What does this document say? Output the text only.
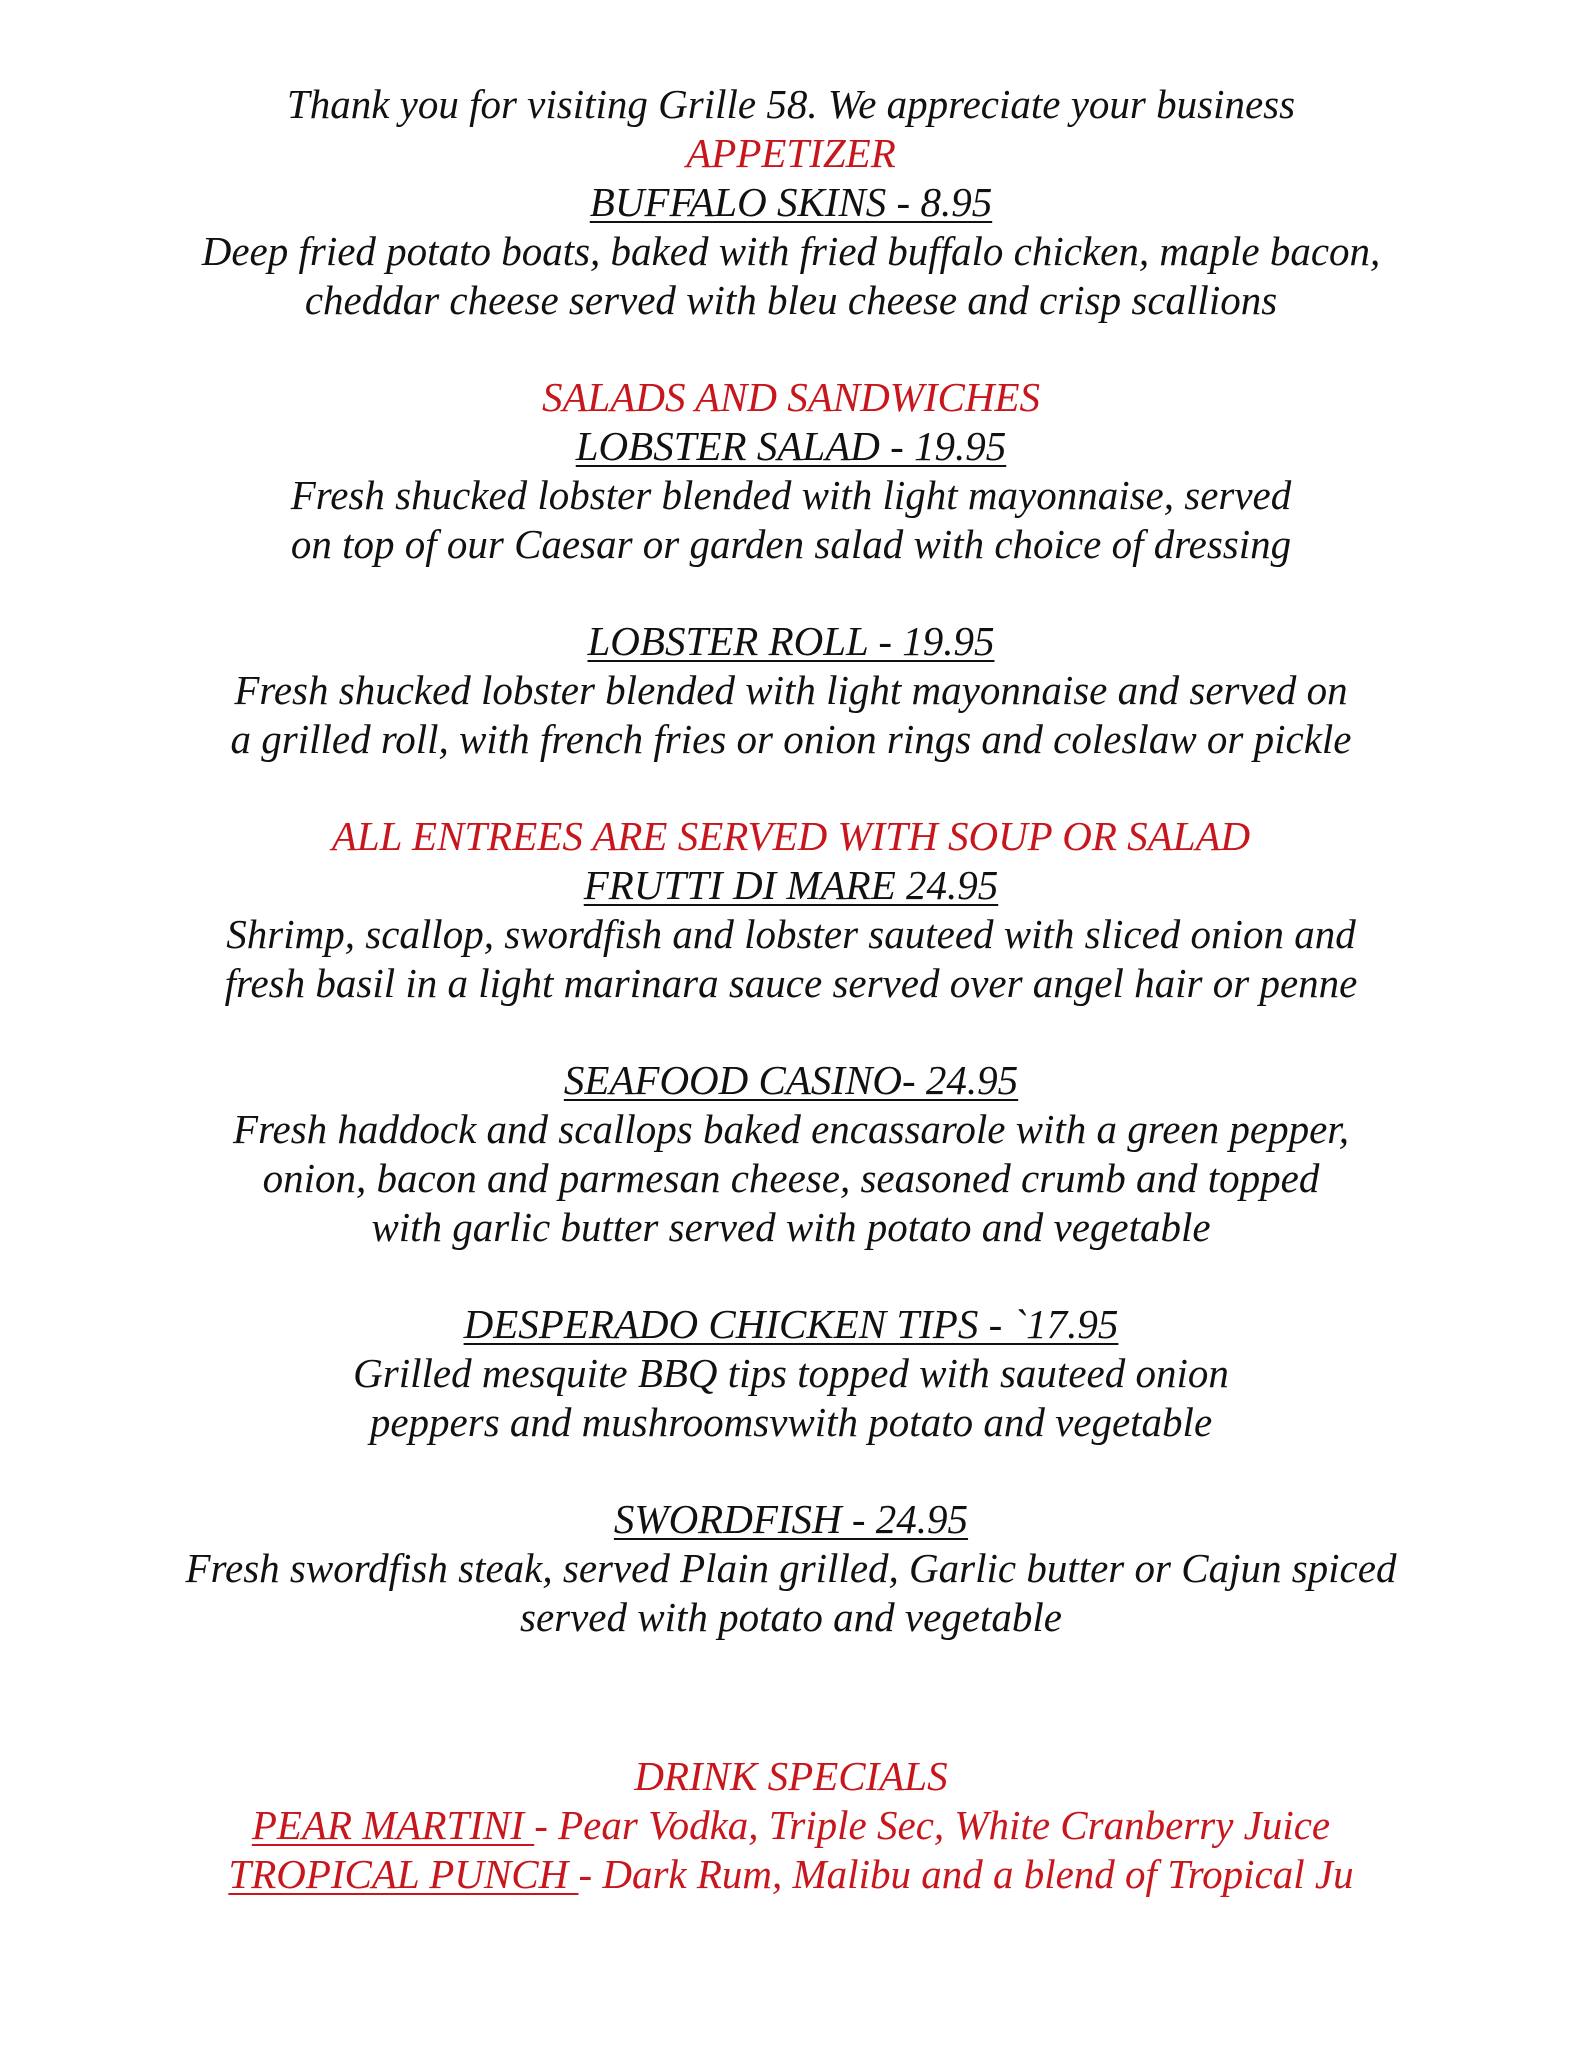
Thank you for visiting Grille 58. We appreciate your business
APPETIZER
BUFFALO SKINS - 8.95
Deep fried potato boats, baked with fried buffalo chicken, maple bacon,
cheddar cheese served with bleu cheese and crisp scallions
SALADS AND SANDWICHES
LOBSTER SALAD - 19.95
Fresh shucked lobster blended with light mayonnaise, served
on top of our Caesar or garden salad with choice of dressing
LOBSTER ROLL - 19.95
Fresh shucked lobster blended with light mayonnaise and served on
a grilled roll, with french fries or onion rings and coleslaw or pickle
ALL ENTREES ARE SERVED WITH SOUP OR SALAD
FRUTTI DI MARE 24.95
Shrimp, scallop, swordfish and lobster sauteed with sliced onion and
fresh basil in a light marinara sauce served over angel hair or penne
SEAFOOD CASINO- 24.95
Fresh haddock and scallops baked encassarole with a green pepper,
onion, bacon and parmesan cheese, seasoned crumb and topped
with garlic butter served with potato and vegetable
DESPERADO CHICKEN TIPS - `17.95
Grilled mesquite BBQ tips topped with sauteed onion
peppers and mushroomsvwith potato and vegetable
SWORDFISH - 24.95
Fresh swordfish steak, served Plain grilled, Garlic butter or Cajun spiced
served with potato and vegetable
DRINK SPECIALS
PEAR MARTINI - Pear Vodka, Triple Sec, White Cranberry Juice
TROPICAL PUNCH - Dark Rum, Malibu and a blend of Tropical Ju
